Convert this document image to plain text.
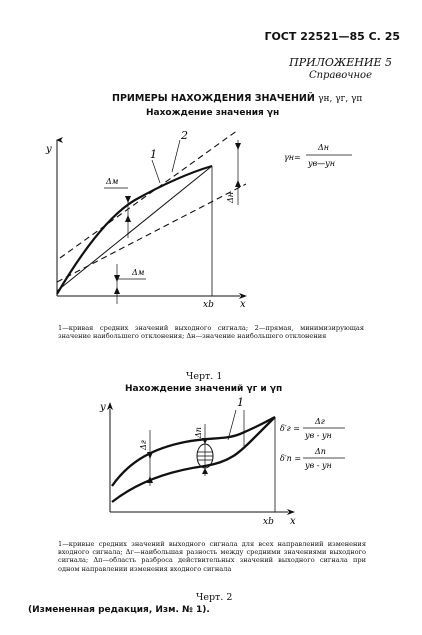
ГОСТ 22521—85 С. 25
ПРИЛОЖЕНИЕ 5
Справочное
ПРИМЕРЫ НАХОЖДЕНИЯ ЗНАЧЕНИЙ γн, γг, γп
Нахождение значения γн
y
x
xb
1
2
Δм
Δм
Δн
γн=
Δн
yв—yн
1—кривая средних значений выходного сигнала; 2—прямая, минимизирующая значение наибольшего отклонения; Δн—значение наибольшего отклонения
Черт. 1
Нахождение значений γг и γп
y
x
xb
1
Δг
Δп	δ′г =
Δг
yв - yн
δ′п =
Δп
yв - yн
1—кривые средних значений выходного сигнала для всех направлений изменения входного сигнала; Δг—наибольшая разность между средними значениями выходного сигнала; Δп—область разброса действительных значений выходного сигнала при одном направлении изменения входного сигнала
Черт. 2
(Измененная редакция, Изм. № 1).
